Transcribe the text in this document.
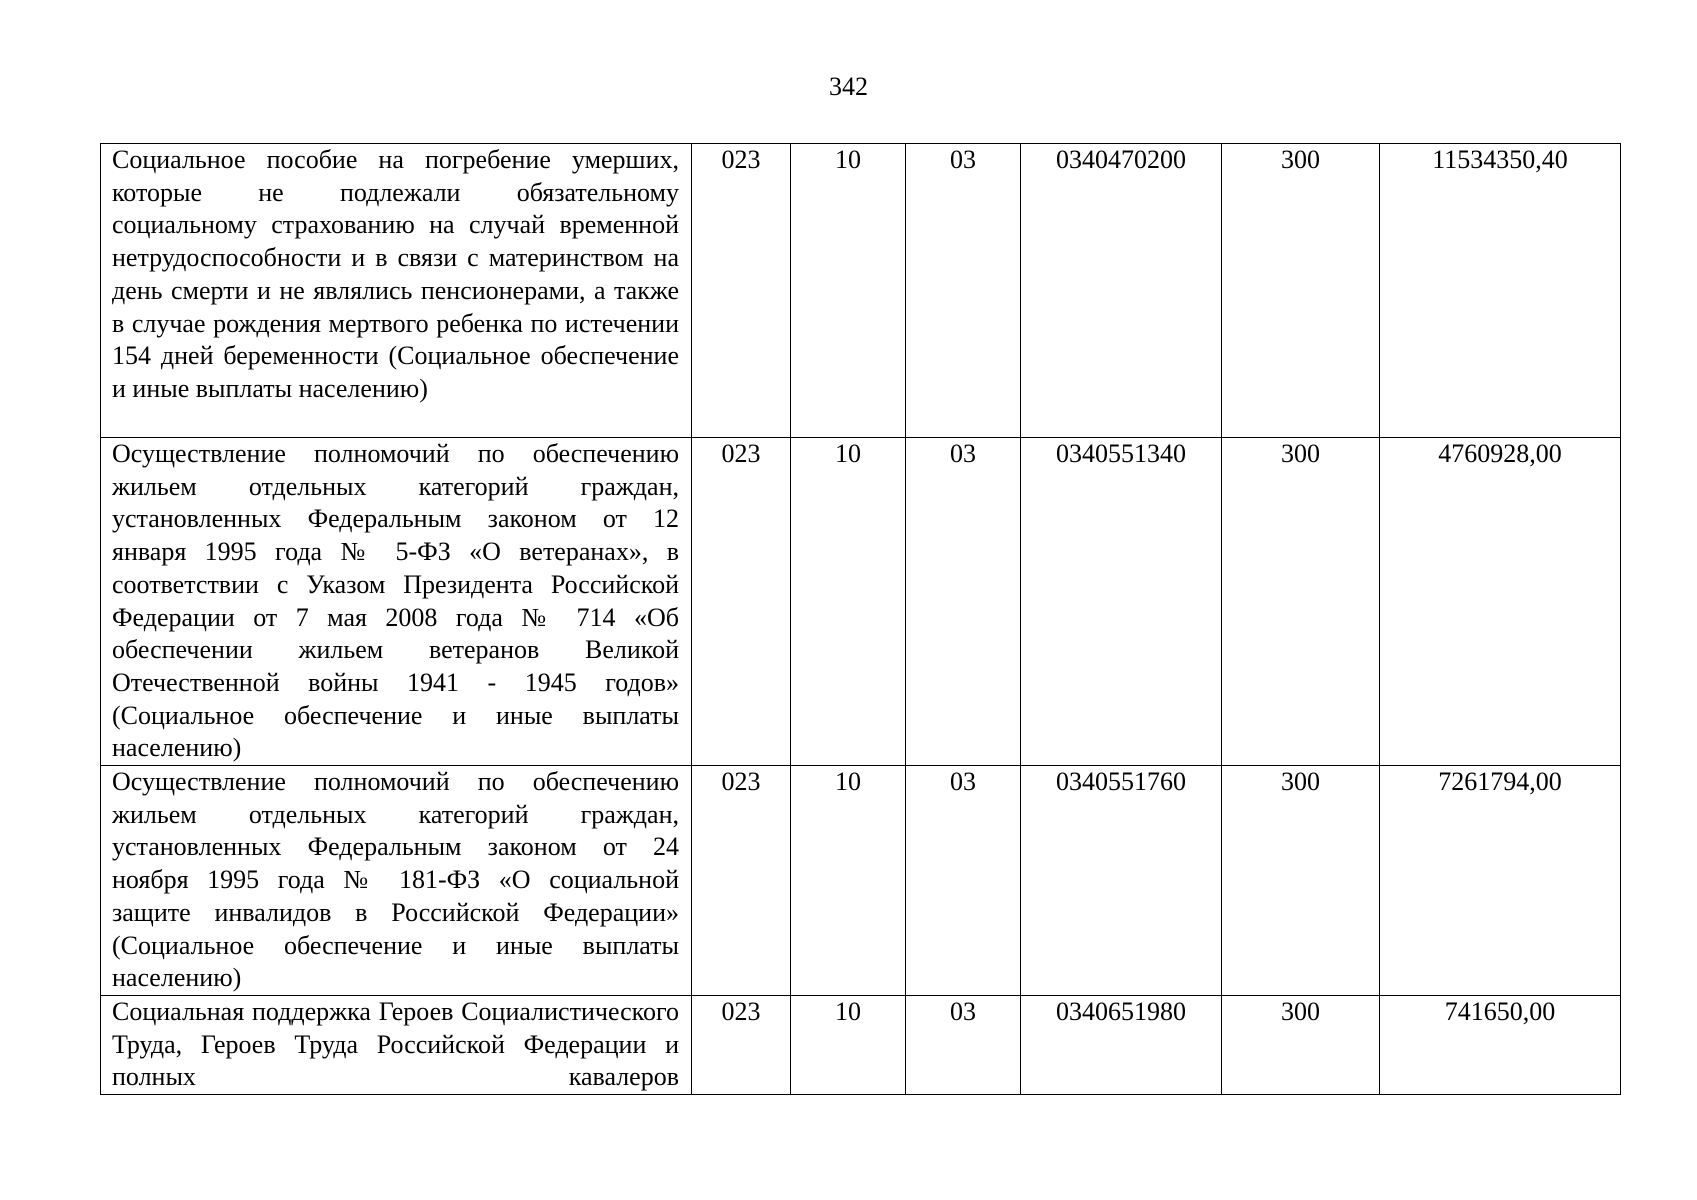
342
Социальное пособие на погребение умерших, которые не подлежали обязательному социальному страхованию на случай временной нетрудоспособности и в связи с материнством на день смерти и не являлись пенсионерами, а также в случае рождения мертвого ребенка по истечении 154 дней беременности (Социальное обеспечение и иные выплаты населению)	023	10	03	0340470200	300	11534350,40

Осуществление полномочий по обеспечению жильем отдельных категорий граждан, установленных Федеральным законом от 12 января 1995 года № 5-ФЗ «О ветеранах», в соответствии с Указом Президента Российской Федерации от 7 мая 2008 года № 714 «Об обеспечении жильем ветеранов Великой Отечественной войны 1941 - 1945 годов» (Социальное обеспечение и иные выплаты населению)	023	10	03	0340551340	300	4760928,00

Осуществление полномочий по обеспечению жильем отдельных категорий граждан, установленных Федеральным законом от 24 ноября 1995 года № 181-ФЗ «О социальной защите инвалидов в Российской Федерации» (Социальное обеспечение и иные выплаты населению)	023	10	03	0340551760	300	7261794,00

Социальная поддержка Героев Социалистического Труда, Героев Труда Российской Федерации и полных кавалеров	023	10	03	0340651980	300	741650,00
